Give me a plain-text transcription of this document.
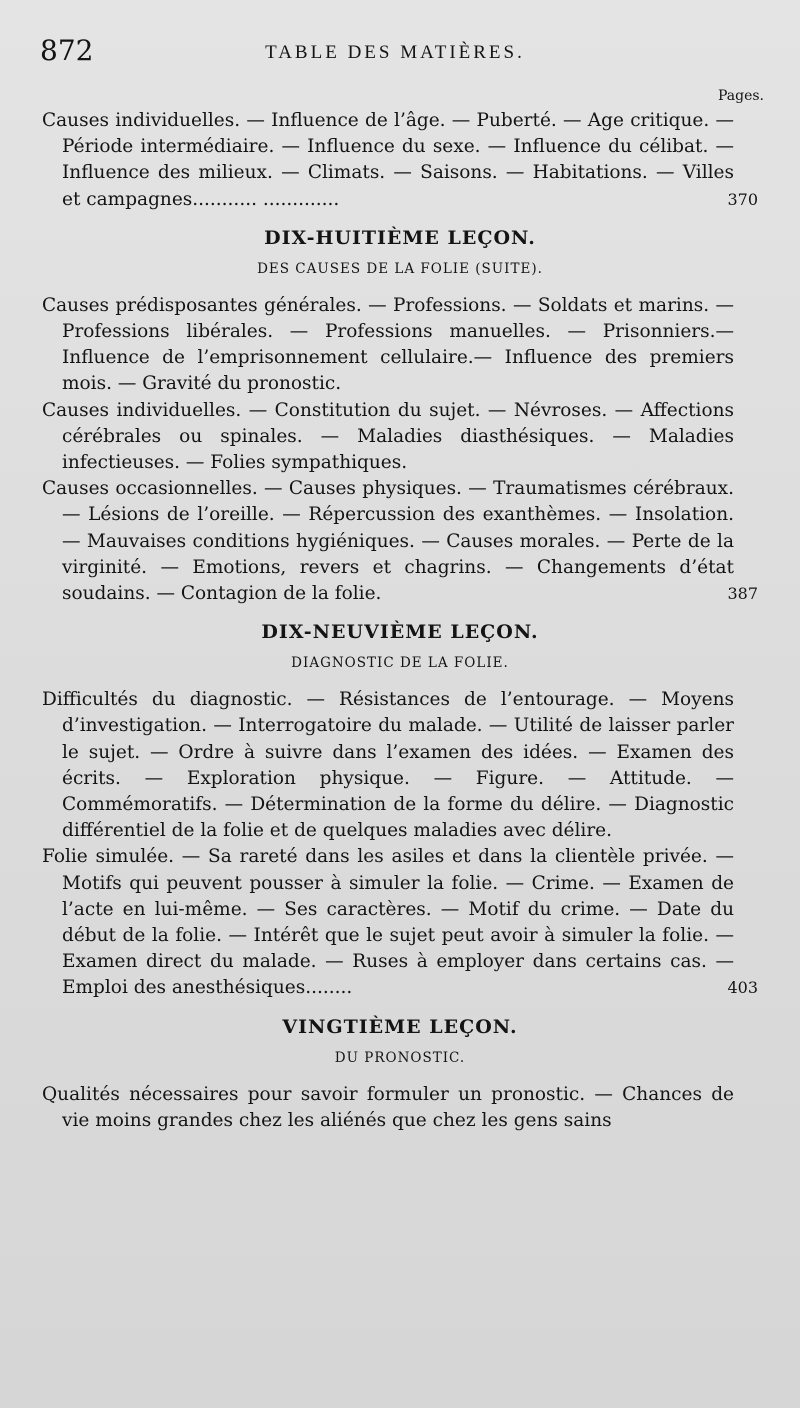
872	TABLE DES MATIÈRES.
Pages.
Causes individuelles. — Influence de l’âge. — Puberté. — Age critique. — Période intermédiaire. — Influence du sexe. — Influence du célibat. — Influence des milieux. — Climats. — Saisons. — Habitations. — Villes et campagnes........... .............	370
DIX-HUITIÈME LEÇON.
DES CAUSES DE LA FOLIE (SUITE).
Causes prédisposantes générales. — Professions. — Soldats et marins. — Professions libérales. — Professions manuelles. — Prisonniers.—Influence de l’emprisonnement cellulaire.— Influence des premiers mois. — Gravité du pronostic.
Causes individuelles. — Constitution du sujet. — Névroses. — Affections cérébrales ou spinales. — Maladies diasthésiques. — Maladies infectieuses. — Folies sympathiques.
Causes occasionnelles. — Causes physiques. — Traumatismes cérébraux. — Lésions de l’oreille. — Répercussion des exanthèmes. — Insolation. — Mauvaises conditions hygiéniques. — Causes morales. — Perte de la virginité. — Emotions, revers et chagrins. — Changements d’état soudains. — Contagion de la folie.	387
DIX-NEUVIÈME LEÇON.
DIAGNOSTIC DE LA FOLIE.
Difficultés du diagnostic. — Résistances de l’entourage. — Moyens d’investigation. — Interrogatoire du malade. — Utilité de laisser parler le sujet. — Ordre à suivre dans l’examen des idées. — Examen des écrits. — Exploration physique. — Figure. — Attitude. — Commémoratifs. — Détermination de la forme du délire. — Diagnostic différentiel de la folie et de quelques maladies avec délire.
Folie simulée. — Sa rareté dans les asiles et dans la clientèle privée. — Motifs qui peuvent pousser à simuler la folie. — Crime. — Examen de l’acte en lui-même. — Ses caractères. — Motif du crime. — Date du début de la folie. — Intérêt que le sujet peut avoir à simuler la folie. — Examen direct du malade. — Ruses à employer dans certains cas. — Emploi des anesthésiques........	403
VINGTIÈME LEÇON.
DU PRONOSTIC.
Qualités nécessaires pour savoir formuler un pronostic. — Chances de vie moins grandes chez les aliénés que chez les gens sains
